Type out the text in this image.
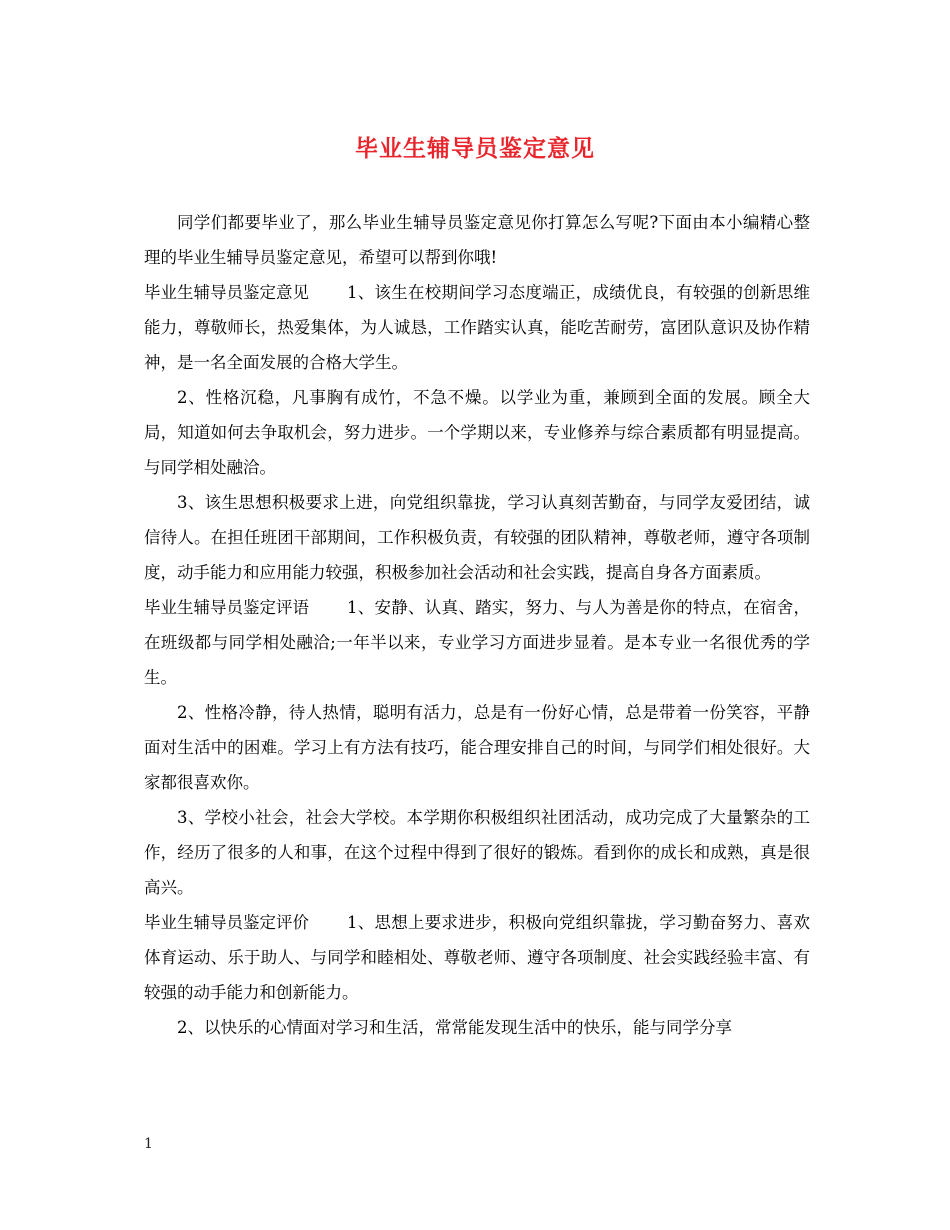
毕业生辅导员鉴定意见

同学们都要毕业了，那么毕业生辅导员鉴定意见你打算怎么写呢?下面由本小编精心整理的毕业生辅导员鉴定意见，希望可以帮到你哦!

毕业生辅导员鉴定意见 1、该生在校期间学习态度端正，成绩优良，有较强的创新思维能力，尊敬师长，热爱集体，为人诚恳，工作踏实认真，能吃苦耐劳，富团队意识及协作精神，是一名全面发展的合格大学生。

2、性格沉稳，凡事胸有成竹，不急不燥。以学业为重，兼顾到全面的发展。顾全大局，知道如何去争取机会，努力进步。一个学期以来，专业修养与综合素质都有明显提高。与同学相处融洽。

3、该生思想积极要求上进，向党组织靠拢，学习认真刻苦勤奋，与同学友爱团结，诚信待人。在担任班团干部期间，工作积极负责，有较强的团队精神，尊敬老师，遵守各项制度，动手能力和应用能力较强，积极参加社会活动和社会实践，提高自身各方面素质。

毕业生辅导员鉴定评语 1、安静、认真、踏实，努力、与人为善是你的特点，在宿舍，在班级都与同学相处融洽;一年半以来，专业学习方面进步显着。是本专业一名很优秀的学生。

2、性格冷静，待人热情，聪明有活力，总是有一份好心情，总是带着一份笑容，平静面对生活中的困难。学习上有方法有技巧，能合理安排自己的时间，与同学们相处很好。大家都很喜欢你。

3、学校小社会，社会大学校。本学期你积极组织社团活动，成功完成了大量繁杂的工作，经历了很多的人和事，在这个过程中得到了很好的锻炼。看到你的成长和成熟，真是很高兴。

毕业生辅导员鉴定评价 1、思想上要求进步，积极向党组织靠拢，学习勤奋努力、喜欢体育运动、乐于助人、与同学和睦相处、尊敬老师、遵守各项制度、社会实践经验丰富、有较强的动手能力和创新能力。

2、以快乐的心情面对学习和生活，常常能发现生活中的快乐，能与同学分享

1
